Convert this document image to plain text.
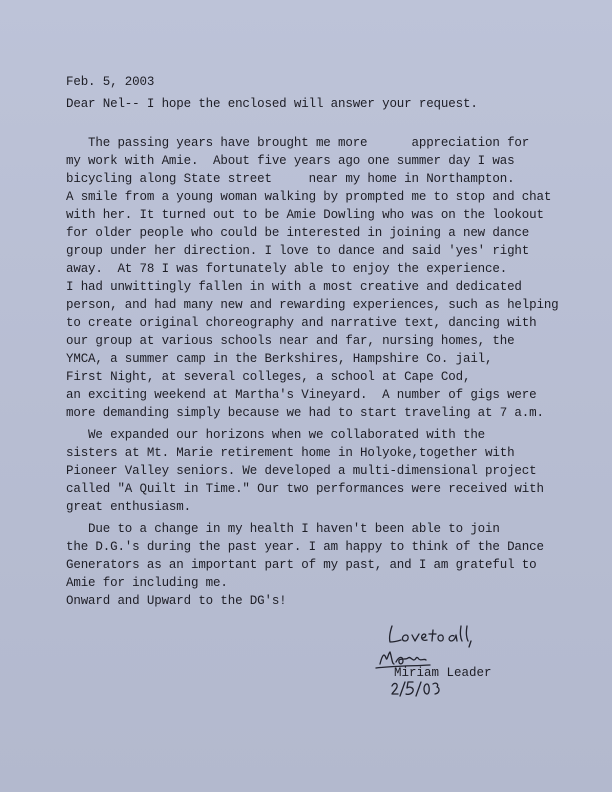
Feb. 5, 2003
Dear Nel-- I hope the enclosed will answer your request.
The passing years have brought me more      appreciation for
my work with Amie.  About five years ago one summer day I was
bicycling along State street     near my home in Northampton.
A smile from a young woman walking by prompted me to stop and chat
with her. It turned out to be Amie Dowling who was on the lookout
for older people who could be interested in joining a new dance
group under her direction. I love to dance and said 'yes' right
away.  At 78 I was fortunately able to enjoy the experience.
I had unwittingly fallen in with a most creative and dedicated
person, and had many new and rewarding experiences, such as helping
to create original choreography and narrative text, dancing with
our group at various schools near and far, nursing homes, the
YMCA, a summer camp in the Berkshires, Hampshire Co. jail,
First Night, at several colleges, a school at Cape Cod,
an exciting weekend at Martha's Vineyard.  A number of gigs were
more demanding simply because we had to start traveling at 7 a.m.
We expanded our horizons when we collaborated with the
sisters at Mt. Marie retirement home in Holyoke,together with
Pioneer Valley seniors. We developed a multi-dimensional project
called "A Quilt in Time." Our two performances were received with
great enthusiasm.
Due to a change in my health I haven't been able to join
the D.G.'s during the past year. I am happy to think of the Dance
Generators as an important part of my past, and I am grateful to
Amie for including me.
Onward and Upward to the DG's!
Miriam Leader
